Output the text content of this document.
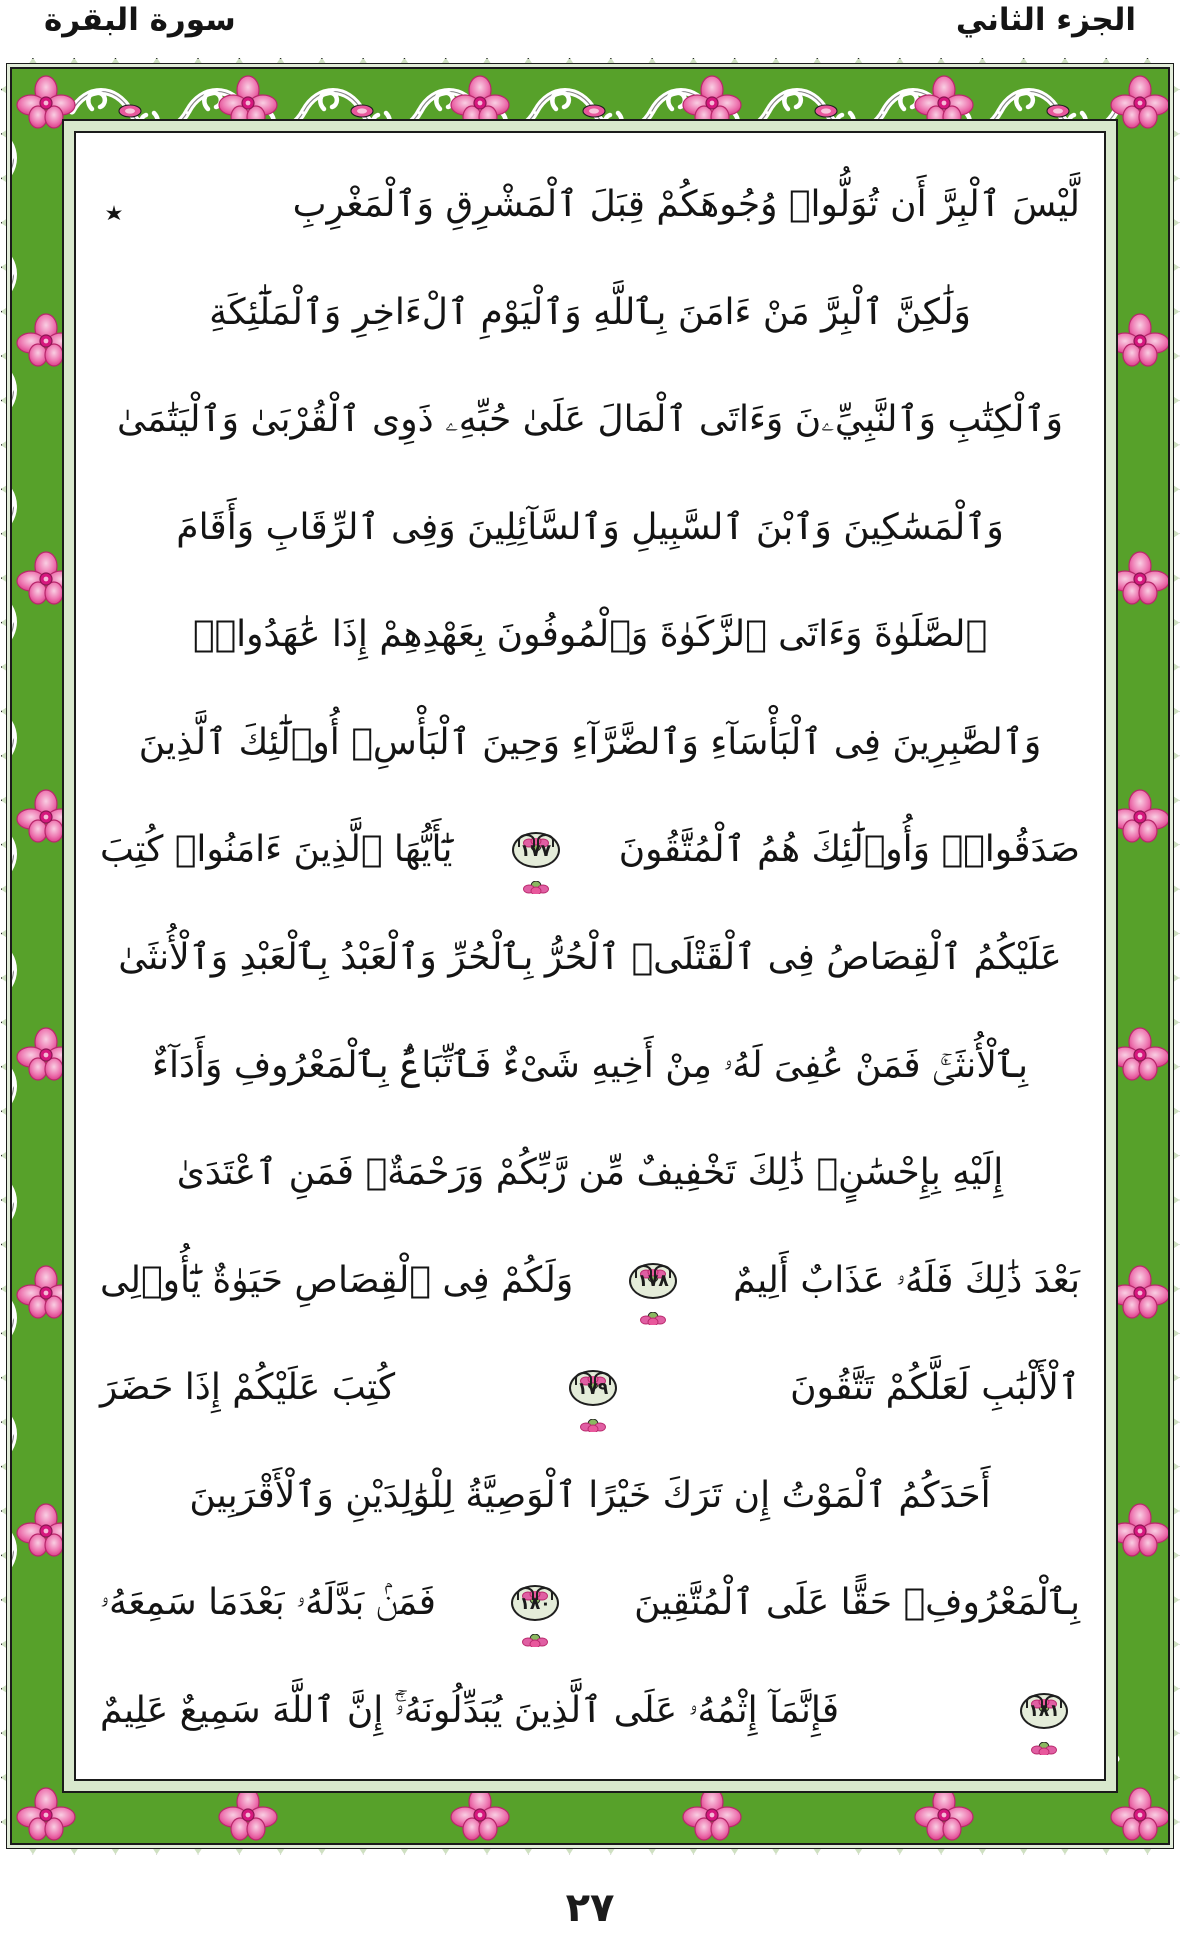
الجزء الثاني
سورة البقرة
لَّيْسَ ٱلْبِرَّ أَن تُوَلُّوا۟ وُجُوهَكُمْ قِبَلَ ٱلْمَشْرِقِ وَٱلْمَغْرِبِ
وَلَٰكِنَّ ٱلْبِرَّ مَنْ ءَامَنَ بِٱللَّهِ وَٱلْيَوْمِ ٱلْءَاخِرِ وَٱلْمَلَٰٓئِكَةِ
وَٱلْكِتَٰبِ وَٱلنَّبِيِّۦنَ وَءَاتَى ٱلْمَالَ عَلَىٰ حُبِّهِۦ ذَوِى ٱلْقُرْبَىٰ وَٱلْيَتَٰمَىٰ
وَٱلْمَسَٰكِينَ وَٱبْنَ ٱلسَّبِيلِ وَٱلسَّآئِلِينَ وَفِى ٱلرِّقَابِ وَأَقَامَ
ٱلصَّلَوٰةَ وَءَاتَى ٱلزَّكَوٰةَ وَٱلْمُوفُونَ بِعَهْدِهِمْ إِذَا عَٰهَدُوا۟ۖ
وَٱلصَّٰبِرِينَ فِى ٱلْبَأْسَآءِ وَٱلضَّرَّآءِ وَحِينَ ٱلْبَأْسِۗ أُو۟لَٰٓئِكَ ٱلَّذِينَ
صَدَقُوا۟ۖ وَأُو۟لَٰٓئِكَ هُمُ ٱلْمُتَّقُونَ
١٧٧
يَٰٓأَيُّهَا ٱلَّذِينَ ءَامَنُوا۟ كُتِبَ
عَلَيْكُمُ ٱلْقِصَاصُ فِى ٱلْقَتْلَىۖ ٱلْحُرُّ بِٱلْحُرِّ وَٱلْعَبْدُ بِٱلْعَبْدِ وَٱلْأُنثَىٰ
بِٱلْأُنثَىٰۚ فَمَنْ عُفِىَ لَهُۥ مِنْ أَخِيهِ شَىْءٌ فَٱتِّبَاعٌۢ بِٱلْمَعْرُوفِ وَأَدَآءٌ
إِلَيْهِ بِإِحْسَٰنٍۗ ذَٰلِكَ تَخْفِيفٌ مِّن رَّبِّكُمْ وَرَحْمَةٌۗ فَمَنِ ٱعْتَدَىٰ
بَعْدَ ذَٰلِكَ فَلَهُۥ عَذَابٌ أَلِيمٌ
١٧٨
وَلَكُمْ فِى ٱلْقِصَاصِ حَيَوٰةٌ يَٰٓأُو۟لِى
ٱلْأَلْبَٰبِ لَعَلَّكُمْ تَتَّقُونَ
١٧٩
كُتِبَ عَلَيْكُمْ إِذَا حَضَرَ
أَحَدَكُمُ ٱلْمَوْتُ إِن تَرَكَ خَيْرًا ٱلْوَصِيَّةُ لِلْوَٰلِدَيْنِ وَٱلْأَقْرَبِينَ
بِٱلْمَعْرُوفِۖ حَقًّا عَلَى ٱلْمُتَّقِينَ
١٨٠
فَمَنۢ بَدَّلَهُۥ بَعْدَمَا سَمِعَهُۥ
١٨١
فَإِنَّمَآ إِثْمُهُۥ عَلَى ٱلَّذِينَ يُبَدِّلُونَهُۥٓۚ إِنَّ ٱللَّهَ سَمِيعٌ عَلِيمٌ
٢٧
